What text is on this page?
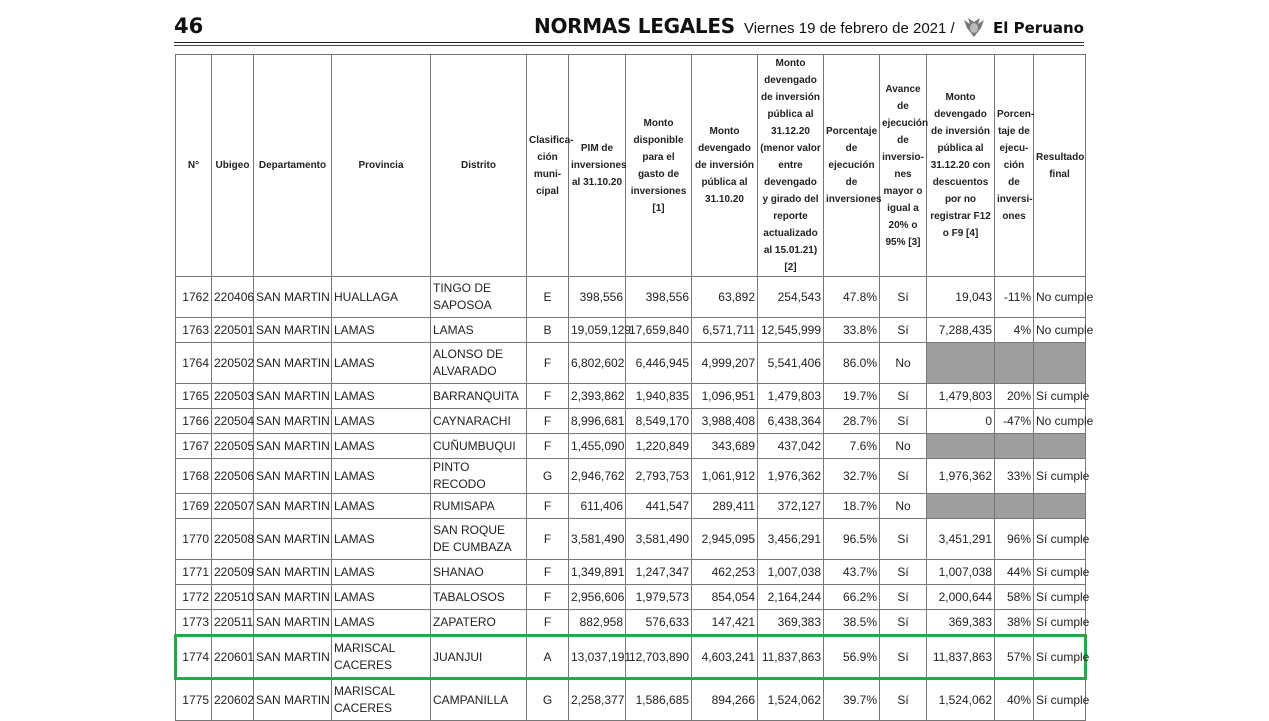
46	NORMAS LEGALES Viernes 19 de febrero de 2021 /	El Peruano
N°	Ubigeo	Departamento	Provincia	Distrito	Clasifica-ción muni-cipal	PIM de inversiones al 31.10.20	Monto disponible para el gasto de inversiones [1]	Monto devengado de inversión pública al 31.10.20	Monto devengado de inversión pública al 31.12.20 (menor valor entre devengado y girado del reporte actualizado al 15.01.21) [2]	Porcentaje de ejecución de inversiones	Avance de ejecución de inversio-nes mayor o igual a 20% o 95% [3]	Monto devengado de inversión pública al 31.12.20 con descuentos por no registrar F12 o F9 [4]	Porcen-taje de ejecu-ción de inversi-ones	Resultado final
1762	220406	SAN MARTIN	HUALLAGA	TINGO DE SAPOSOA	E	398,556	398,556	63,892	254,543	47.8%	Sí	19,043	-11%	No cumple
1763	220501	SAN MARTIN	LAMAS	LAMAS	B	19,059,129	17,659,840	6,571,711	12,545,999	33.8%	Sí	7,288,435	4%	No cumple
1764	220502	SAN MARTIN	LAMAS	ALONSO DE ALVARADO	F	6,802,602	6,446,945	4,999,207	5,541,406	86.0%	No			
1765	220503	SAN MARTIN	LAMAS	BARRANQUITA	F	2,393,862	1,940,835	1,096,951	1,479,803	19.7%	Sí	1,479,803	20%	Sí cumple
1766	220504	SAN MARTIN	LAMAS	CAYNARACHI	F	8,996,681	8,549,170	3,988,408	6,438,364	28.7%	Sí	0	-47%	No cumple
1767	220505	SAN MARTIN	LAMAS	CUÑUMBUQUI	F	1,455,090	1,220,849	343,689	437,042	7.6%	No			
1768	220506	SAN MARTIN	LAMAS	PINTO RECODO	G	2,946,762	2,793,753	1,061,912	1,976,362	32.7%	Sí	1,976,362	33%	Sí cumple
1769	220507	SAN MARTIN	LAMAS	RUMISAPA	F	611,406	441,547	289,411	372,127	18.7%	No			
1770	220508	SAN MARTIN	LAMAS	SAN ROQUE DE CUMBAZA	F	3,581,490	3,581,490	2,945,095	3,456,291	96.5%	Sí	3,451,291	96%	Sí cumple
1771	220509	SAN MARTIN	LAMAS	SHANAO	F	1,349,891	1,247,347	462,253	1,007,038	43.7%	Sí	1,007,038	44%	Sí cumple
1772	220510	SAN MARTIN	LAMAS	TABALOSOS	F	2,956,606	1,979,573	854,054	2,164,244	66.2%	Sí	2,000,644	58%	Sí cumple
1773	220511	SAN MARTIN	LAMAS	ZAPATERO	F	882,958	576,633	147,421	369,383	38.5%	Sí	369,383	38%	Sí cumple
1774	220601	SAN MARTIN	MARISCAL CACERES	JUANJUI	A	13,037,191	12,703,890	4,603,241	11,837,863	56.9%	Sí	11,837,863	57%	Sí cumple
1775	220602	SAN MARTIN	MARISCAL CACERES	CAMPANILLA	G	2,258,377	1,586,685	894,266	1,524,062	39.7%	Sí	1,524,062	40%	Sí cumple
